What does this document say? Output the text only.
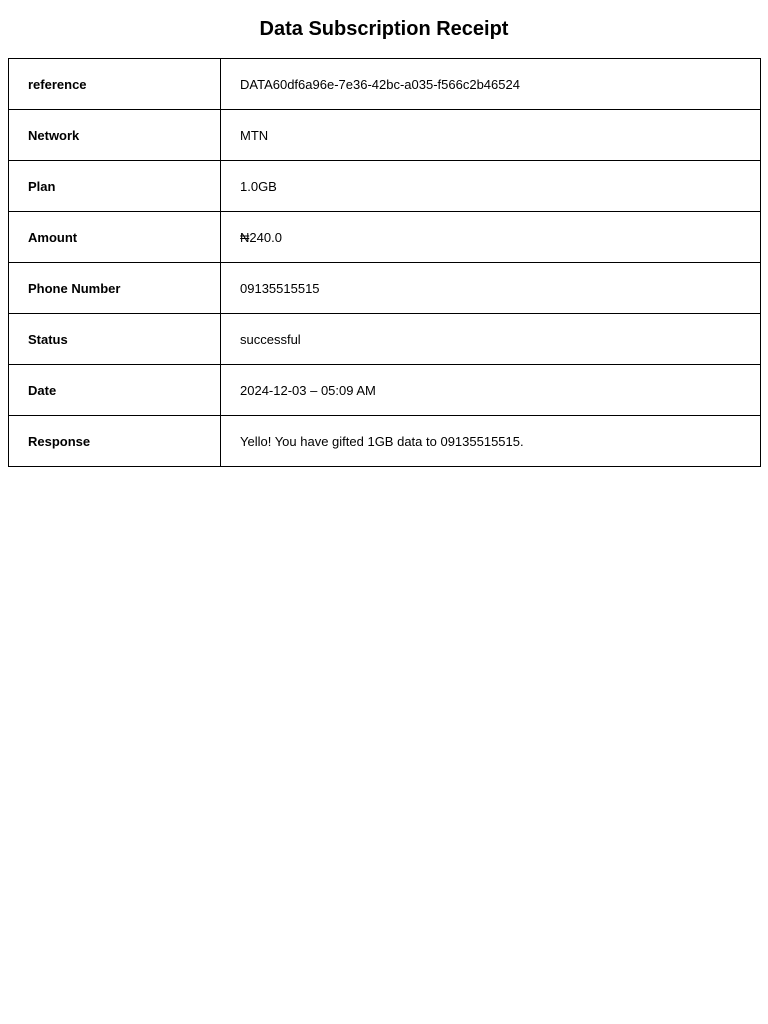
Data Subscription Receipt
reference	DATA60df6a96e-7e36-42bc-a035-f566c2b46524
Network	MTN
Plan	1.0GB
Amount	₦240.0
Phone Number	09135515515
Status	successful
Date	2024-12-03 – 05:09 AM
Response	Yello! You have gifted 1GB data to 09135515515.
